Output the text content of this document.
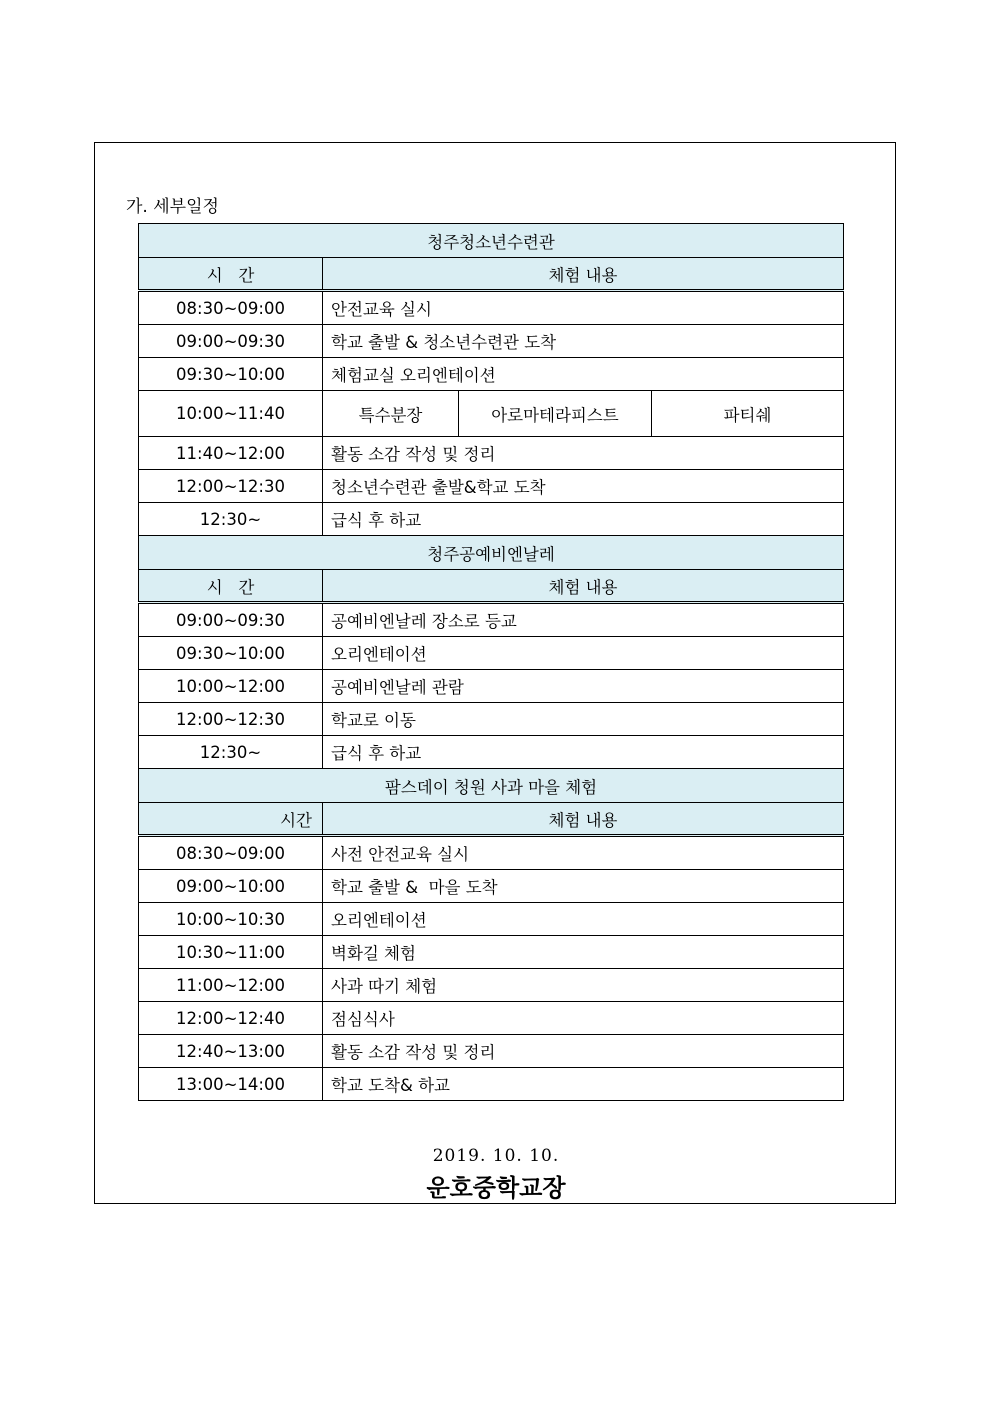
가. 세부일정
청주청소년수련관			
시   간	체험 내용		
08:30~09:00	안전교육 실시		
09:00~09:30	학교 출발 & 청소년수련관 도착		
09:30~10:00	체험교실 오리엔테이션		
10:00~11:40	특수분장	아로마테라피스트	파티쉐
11:40~12:00	활동 소감 작성 및 정리		
12:00~12:30	청소년수련관 출발&학교 도착		
12:30~	급식 후 하교		
청주공예비엔날레			
시   간	체험 내용		
09:00~09:30	공예비엔날레 장소로 등교		
09:30~10:00	오리엔테이션		
10:00~12:00	공예비엔날레 관람		
12:00~12:30	학교로 이동		
12:30~	급식 후 하교		
팜스데이 청원 사과 마을 체험			
시간	체험 내용		
08:30~09:00	사전 안전교육 실시		
09:00~10:00	학교 출발 &  마을 도착		
10:00~10:30	오리엔테이션		
10:30~11:00	벽화길 체험		
11:00~12:00	사과 따기 체험		
12:00~12:40	점심식사		
12:40~13:00	활동 소감 작성 및 정리		
13:00~14:00	학교 도착& 하교		
2019. 10. 10.
운호중학교장
